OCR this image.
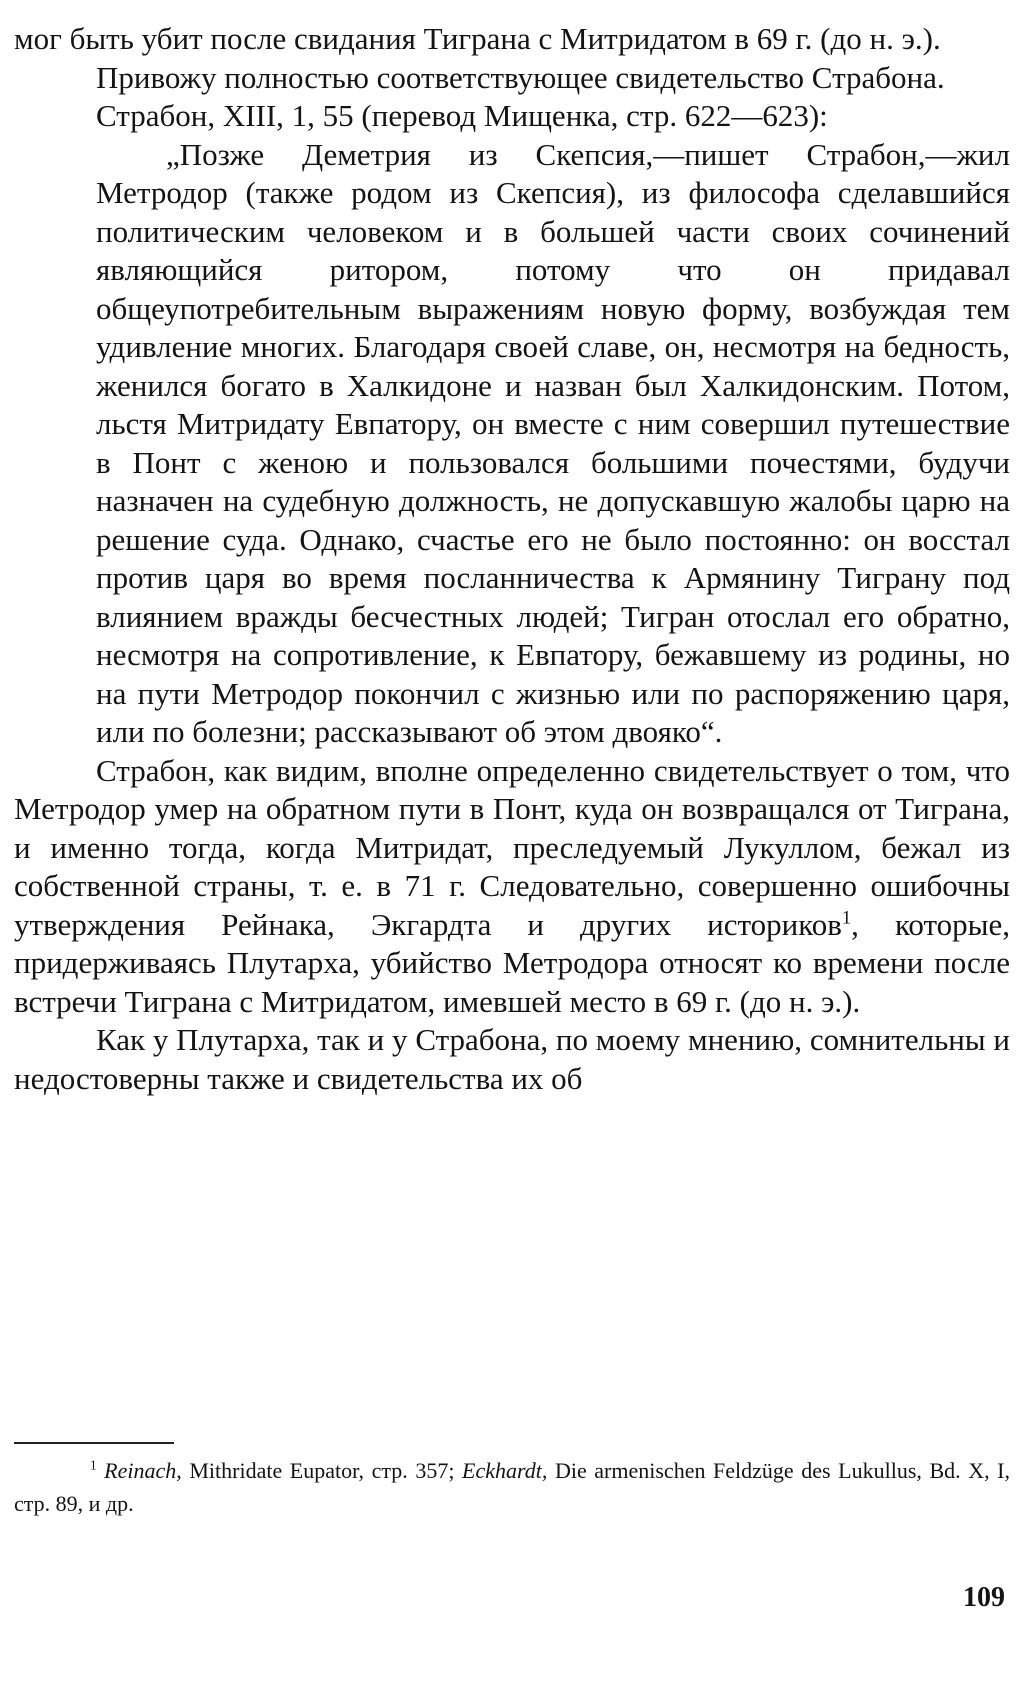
мог быть убит после свидания Тиграна с Митридатом в 69 г. (до н. э.).

Привожу полностью соответствующее свидетельство Страбона.

Страбон, XIII, 1, 55 (перевод Мищенка, стр. 622—623):

„Позже Деметрия из Скепсия,—пишет Страбон,—жил Метродор (также родом из Скепсия), из философа сделавшийся политическим человеком и в большей части своих сочинений являющийся ритором, потому что он придавал общеупотребительным выражениям новую форму, возбуждая тем удивление многих. Благодаря своей славе, он, несмотря на бедность, женился богато в Халкидоне и назван был Халкидонским. Потом, льстя Митридату Евпатору, он вместе с ним совершил путешествие в Понт с женою и пользовался большими почестями, будучи назначен на судебную должность, не допускавшую жалобы царю на решение суда. Однако, счастье его не было постоянно: он восстал против царя во время посланничества к Армянину Тиграну под влиянием вражды бесчестных людей; Тигран отослал его обратно, несмотря на сопротивление, к Евпатору, бежавшему из родины, но на пути Метродор покончил с жизнью или по распоряжению царя, или по болезни; рассказывают об этом двояко“.

Страбон, как видим, вполне определенно свидетельствует о том, что Метродор умер на обратном пути в Понт, куда он возвращался от Тиграна, и именно тогда, когда Митридат, преследуемый Лукуллом, бежал из собственной страны, т. е. в 71 г. Следовательно, совершенно ошибочны утверждения Рейнака, Экгардта и других историков$^1$, которые, придерживаясь Плутарха, убийство Метродора относят ко времени после встречи Тиграна с Митридатом, имевшей место в 69 г. (до н. э.).

Как у Плутарха, так и у Страбона, по моему мнению, сомнительны и недостоверны также и свидетельства их об

$^1$ Reinach, Mithridate Eupator, стр. 357; Eckhardt, Die armenischen Feldzüge des Lukullus, Bd. X, I, стр. 89, и др.
109
